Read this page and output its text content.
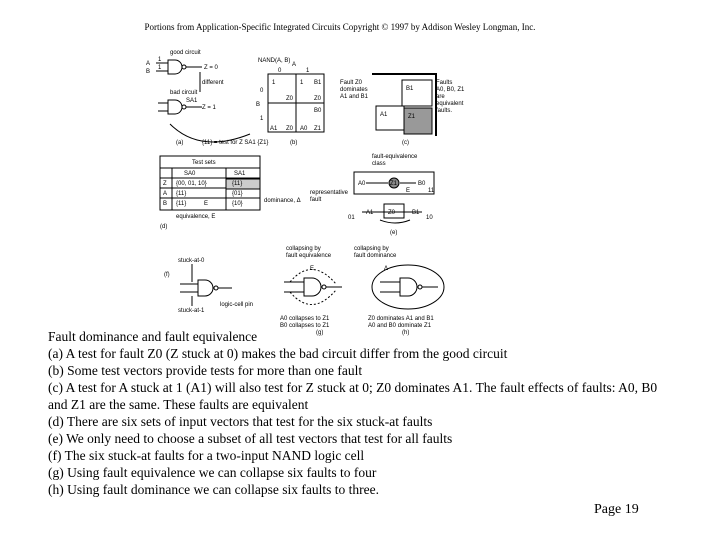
Portions from Application-Specific Integrated Circuits Copyright © 1997 by Addison Wesley Longman, Inc.
good circuit
A
B
1
1	Z = 0
different
bad circuit
SA1
Z = 1
(a)	{11} = test for Z SA1 {Z1}
NAND(A, B)
A
0	1
B
1	1 B1
0
Z0	Z0
1
B0
A1 Z0 A0 Z1
(b)
Fault Z0
dominates
A1 and B1
Faults
A0, B0, Z1
are
equivalent
faults.
B1
A1	Z1
(c)
Test sets
SA0	SA1
Z {00, 01, 10}	{11}
A {11}	{01}
B {11}	{10}
E	dominance, Δ
equivalence, E
(d)
fault-equivalence
class
representative
fault
A0	Z1	B0
11
E
A1 Z0	B1
01	10
(e)
stuck-at-0
stuck-at-1
logic-cell pin
(f)
collapsing by
fault equivalence
E
A0 collapses to Z1
B0 collapses to Z1
(g)
collapsing by
fault dominance
Δ
Z0 dominates A1 and B1
A0 and B0 dominate Z1
(h)
Fault dominance and fault equivalence
(a) A test for fault Z0 (Z stuck at 0) makes the bad circuit differ from the good circuit
(b) Some test vectors provide tests for more than one fault
(c) A test for A stuck at 1 (A1) will also test for Z stuck at 0; Z0 dominates A1. The fault effects of faults: A0, B0
and Z1 are the same. These faults are equivalent
(d) There are six sets of input vectors that test for the six stuck-at faults
(e) We only need to choose a subset of all test vectors that test for all faults
(f) The six stuck-at faults for a two-input NAND logic cell
(g) Using fault equivalence we can collapse six faults to four
(h) Using fault dominance we can collapse six faults to three.
Page 19
